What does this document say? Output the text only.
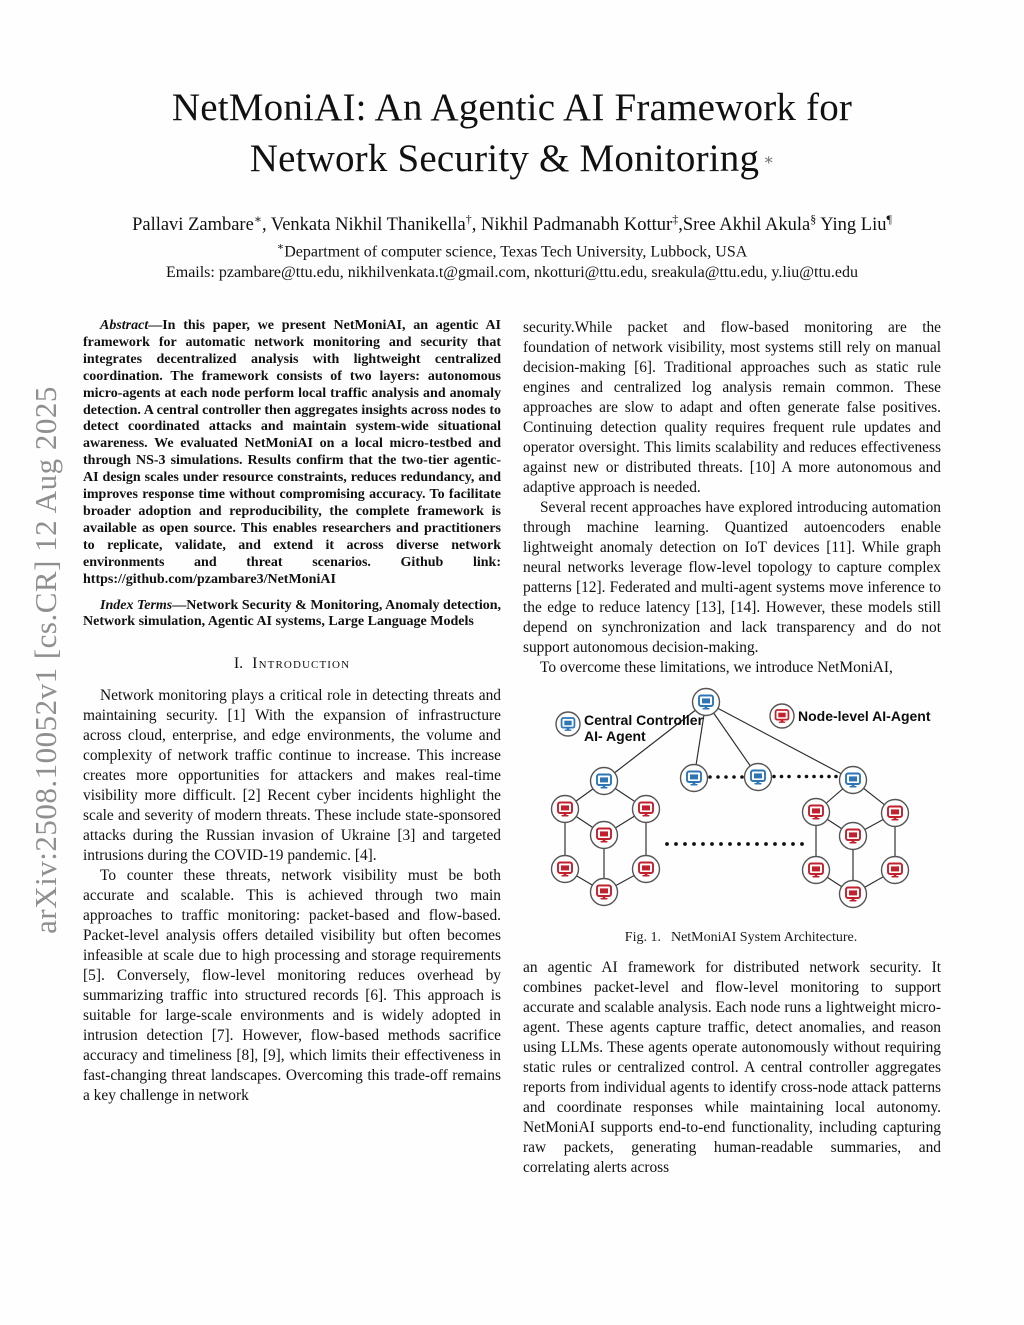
arXiv:2508.10052v1 [cs.CR] 12 Aug 2025
NetMoniAI: An Agentic AI Framework for
Network Security & Monitoring ∗
Pallavi Zambare∗, Venkata Nikhil Thanikella†, Nikhil Padmanabh Kottur‡,Sree Akhil Akula§ Ying Liu¶
∗Department of computer science, Texas Tech University, Lubbock, USA
Emails: pzambare@ttu.edu, nikhilvenkata.t@gmail.com, nkotturi@ttu.edu, sreakula@ttu.edu, y.liu@ttu.edu

Abstract—In this paper, we present NetMoniAI, an agentic AI framework for automatic network monitoring and security that integrates decentralized analysis with lightweight centralized coordination. The framework consists of two layers: autonomous micro-agents at each node perform local traffic analysis and anomaly detection. A central controller then aggregates insights across nodes to detect coordinated attacks and maintain system-wide situational awareness. We evaluated NetMoniAI on a local micro-testbed and through NS-3 simulations. Results confirm that the two-tier agentic-AI design scales under resource constraints, reduces redundancy, and improves response time without compromising accuracy. To facilitate broader adoption and reproducibility, the complete framework is available as open source. This enables researchers and practitioners to replicate, validate, and extend it across diverse network environments and threat scenarios. Github link: https://github.com/pzambare3/NetMoniAI

Index Terms—Network Security & Monitoring, Anomaly detection, Network simulation, Agentic AI systems, Large Language Models

I. Introduction

Network monitoring plays a critical role in detecting threats and maintaining security. [1] With the expansion of infrastructure across cloud, enterprise, and edge environments, the volume and complexity of network traffic continue to increase. This increase creates more opportunities for attackers and makes real-time visibility more difficult. [2] Recent cyber incidents highlight the scale and severity of modern threats. These include state-sponsored attacks during the Russian invasion of Ukraine [3] and targeted intrusions during the COVID-19 pandemic. [4].

To counter these threats, network visibility must be both accurate and scalable. This is achieved through two main approaches to traffic monitoring: packet-based and flow-based. Packet-level analysis offers detailed visibility but often becomes infeasible at scale due to high processing and storage requirements [5]. Conversely, flow-level monitoring reduces overhead by summarizing traffic into structured records [6]. This approach is suitable for large-scale environments and is widely adopted in intrusion detection [7]. However, flow-based methods sacrifice accuracy and timeliness [8], [9], which limits their effectiveness in fast-changing threat landscapes. Overcoming this trade-off remains a key challenge in network

security.While packet and flow-based monitoring are the foundation of network visibility, most systems still rely on manual decision-making [6]. Traditional approaches such as static rule engines and centralized log analysis remain common. These approaches are slow to adapt and often generate false positives. Continuing detection quality requires frequent rule updates and operator oversight. This limits scalability and reduces effectiveness against new or distributed threats. [10] A more autonomous and adaptive approach is needed.

Several recent approaches have explored introducing automation through machine learning. Quantized autoencoders enable lightweight anomaly detection on IoT devices [11]. While graph neural networks leverage flow-level topology to capture complex patterns [12]. Federated and multi-agent systems move inference to the edge to reduce latency [13], [14]. However, these models still depend on synchronization and lack transparency and do not support autonomous decision-making.

To overcome these limitations, we introduce NetMoniAI,

Central Controller
AI- Agent
Node-level AI-Agent
Fig. 1. NetMoniAI System Architecture.

an agentic AI framework for distributed network security. It combines packet-level and flow-level monitoring to support accurate and scalable analysis. Each node runs a lightweight micro-agent. These agents capture traffic, detect anomalies, and reason using LLMs. These agents operate autonomously without requiring static rules or centralized control. A central controller aggregates reports from individual agents to identify cross-node attack patterns and coordinate responses while maintaining local autonomy. NetMoniAI supports end-to-end functionality, including capturing raw packets, generating human-readable summaries, and correlating alerts across
